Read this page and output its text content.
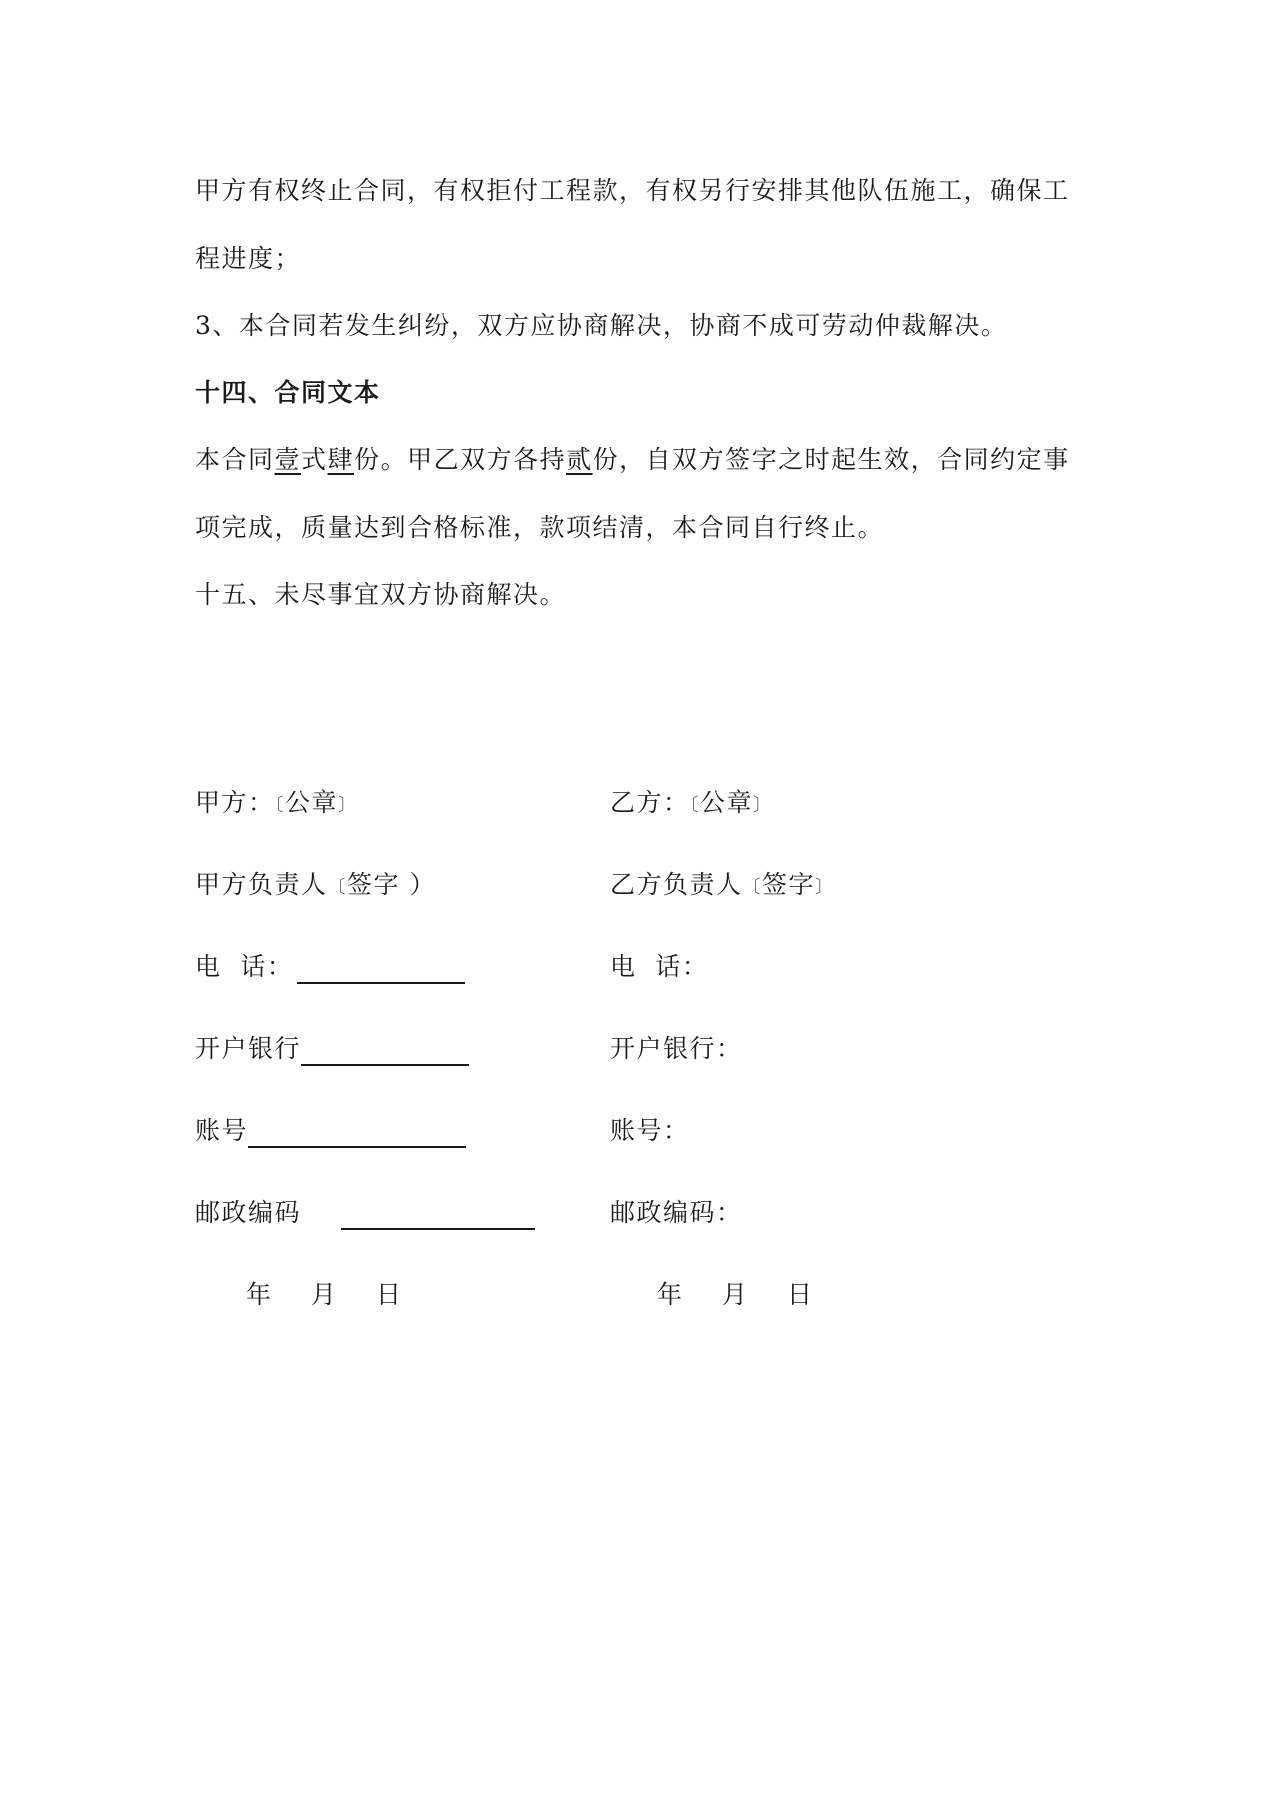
甲方有权终止合同，有权拒付工程款，有权另行安排其他队伍施工，确保工
程进度；
3、本合同若发生纠纷，双方应协商解决，协商不成可劳动仲裁解决。
十四、合同文本
本合同壹式肆份。甲乙双方各持贰份，自双方签字之时起生效，合同约定事
项完成，质量达到合格标准，款项结清，本合同自行终止。
十五、未尽事宜双方协商解决。
甲方：〔公章〕
甲方负责人〔签字 ）
电  话：
开户银行
账号
邮政编码
乙方：〔公章〕
乙方负责人〔签字〕
电  话：
开户银行：
账号：
邮政编码：
年 月 日	年 月 日
